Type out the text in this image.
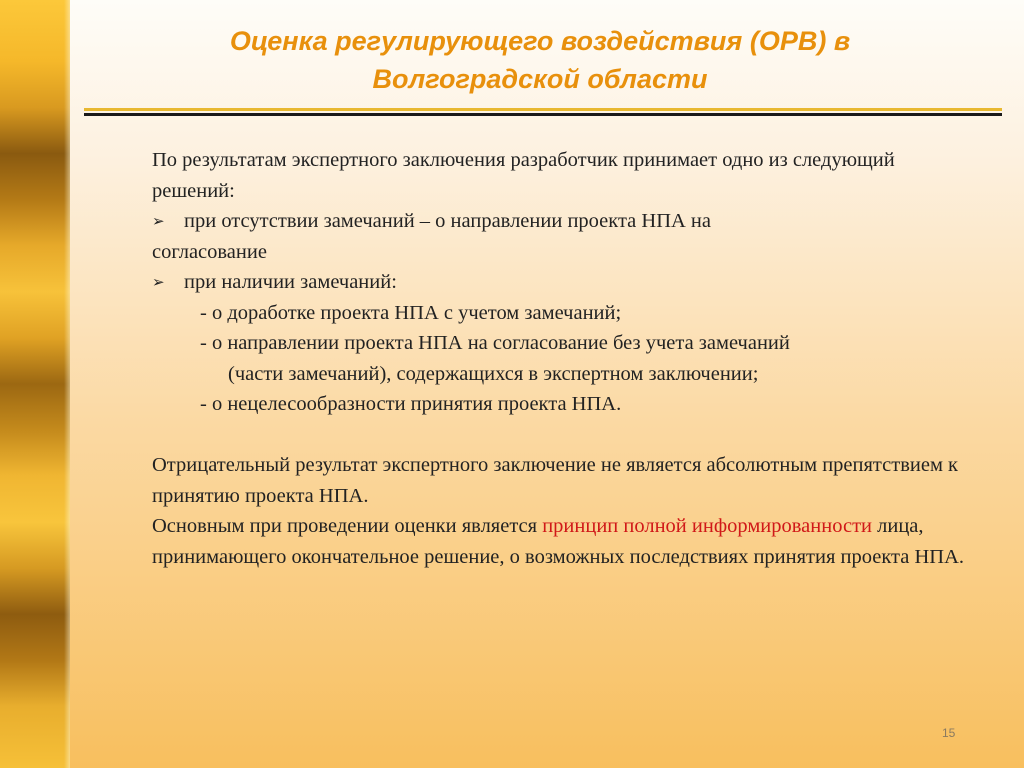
Оценка регулирующего воздействия (ОРВ) в Волгоградской области

По результатам экспертного заключения разработчик принимает одно из следующий решений:

➢ при отсутствии замечаний – о направлении проекта НПА на

согласование

➢ при наличии замечаний:

- о доработке проекта НПА с учетом замечаний;

- о направлении проекта НПА на согласование без учета замечаний

(части замечаний), содержащихся в экспертном заключении;

- о нецелесообразности принятия проекта НПА.

Отрицательный результат экспертного заключение не является абсолютным препятствием к принятию проекта НПА.

Основным при проведении оценки является принцип полной информированности лица, принимающего окончательное решение, о возможных последствиях принятия проекта НПА.

15
